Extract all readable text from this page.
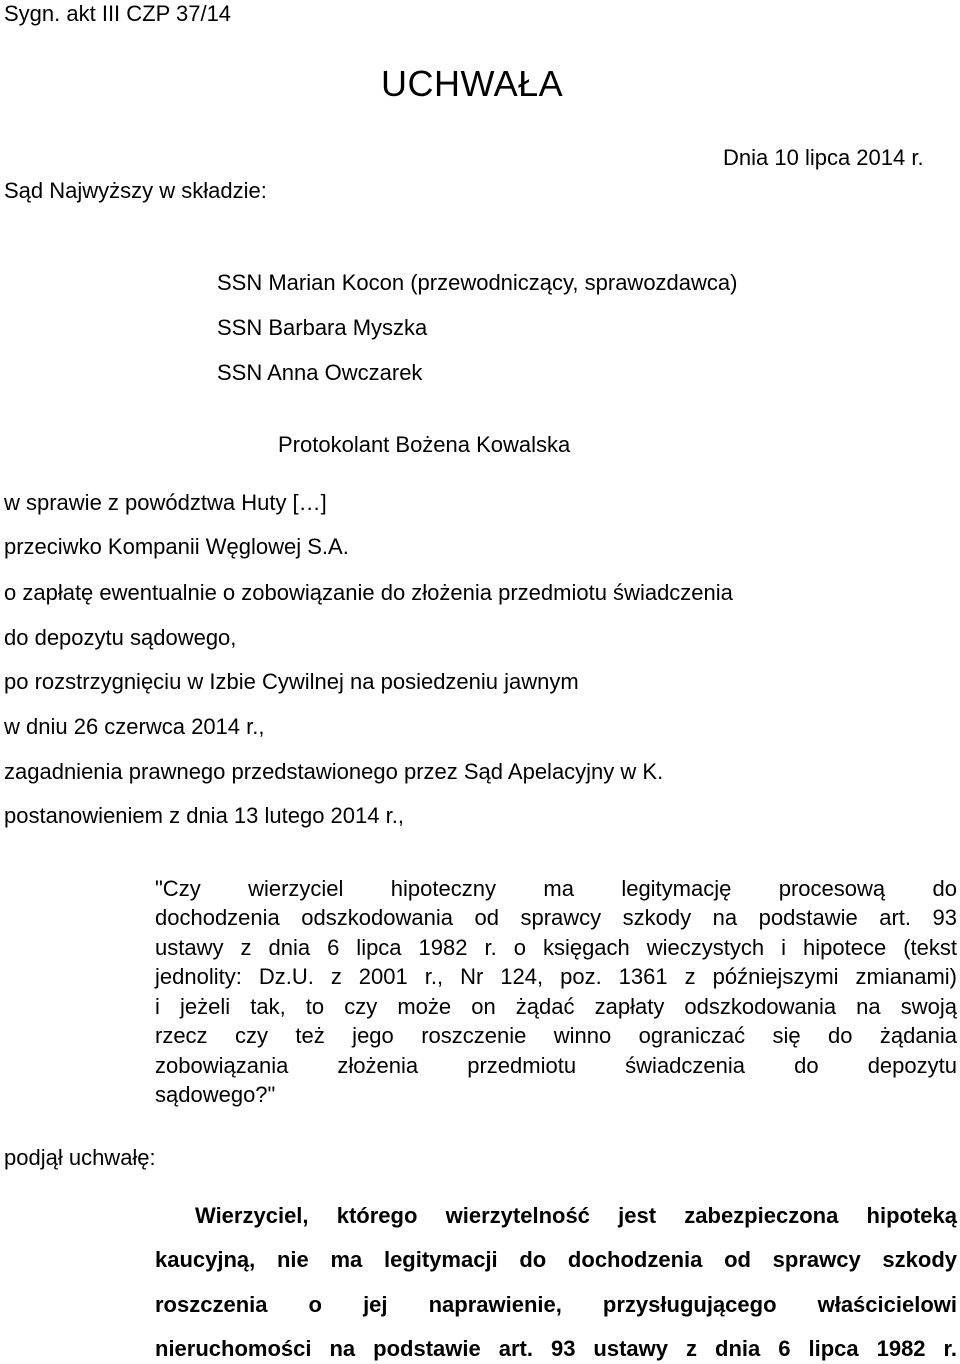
Sygn. akt III CZP 37/14
UCHWAŁA
Dnia 10 lipca 2014 r.
Sąd Najwyższy w składzie:
SSN Marian Kocon (przewodniczący, sprawozdawca)
SSN Barbara Myszka
SSN Anna Owczarek
Protokolant Bożena Kowalska
w sprawie z powództwa Huty […]
przeciwko Kompanii Węglowej S.A.
o zapłatę ewentualnie o zobowiązanie do złożenia przedmiotu świadczenia
do depozytu sądowego,
po rozstrzygnięciu w Izbie Cywilnej na posiedzeniu jawnym
w dniu 26 czerwca 2014 r.,
zagadnienia prawnego przedstawionego przez Sąd Apelacyjny w K.
postanowieniem z dnia 13 lutego 2014 r.,
"Czy wierzyciel hipoteczny ma legitymację procesową do
dochodzenia odszkodowania od sprawcy szkody na podstawie art. 93
ustawy z dnia 6 lipca 1982 r. o księgach wieczystych i hipotece (tekst
jednolity: Dz.U. z 2001 r., Nr 124, poz. 1361 z późniejszymi zmianami)
i jeżeli tak, to czy może on żądać zapłaty odszkodowania na swoją
rzecz czy też jego roszczenie winno ograniczać się do żądania
zobowiązania złożenia przedmiotu świadczenia do depozytu
sądowego?"
podjął uchwałę:
Wierzyciel, którego wierzytelność jest zabezpieczona hipoteką
kaucyjną, nie ma legitymacji do dochodzenia od sprawcy szkody
roszczenia o jej naprawienie, przysługującego właścicielowi
nieruchomości na podstawie art. 93 ustawy z dnia 6 lipca 1982 r.
